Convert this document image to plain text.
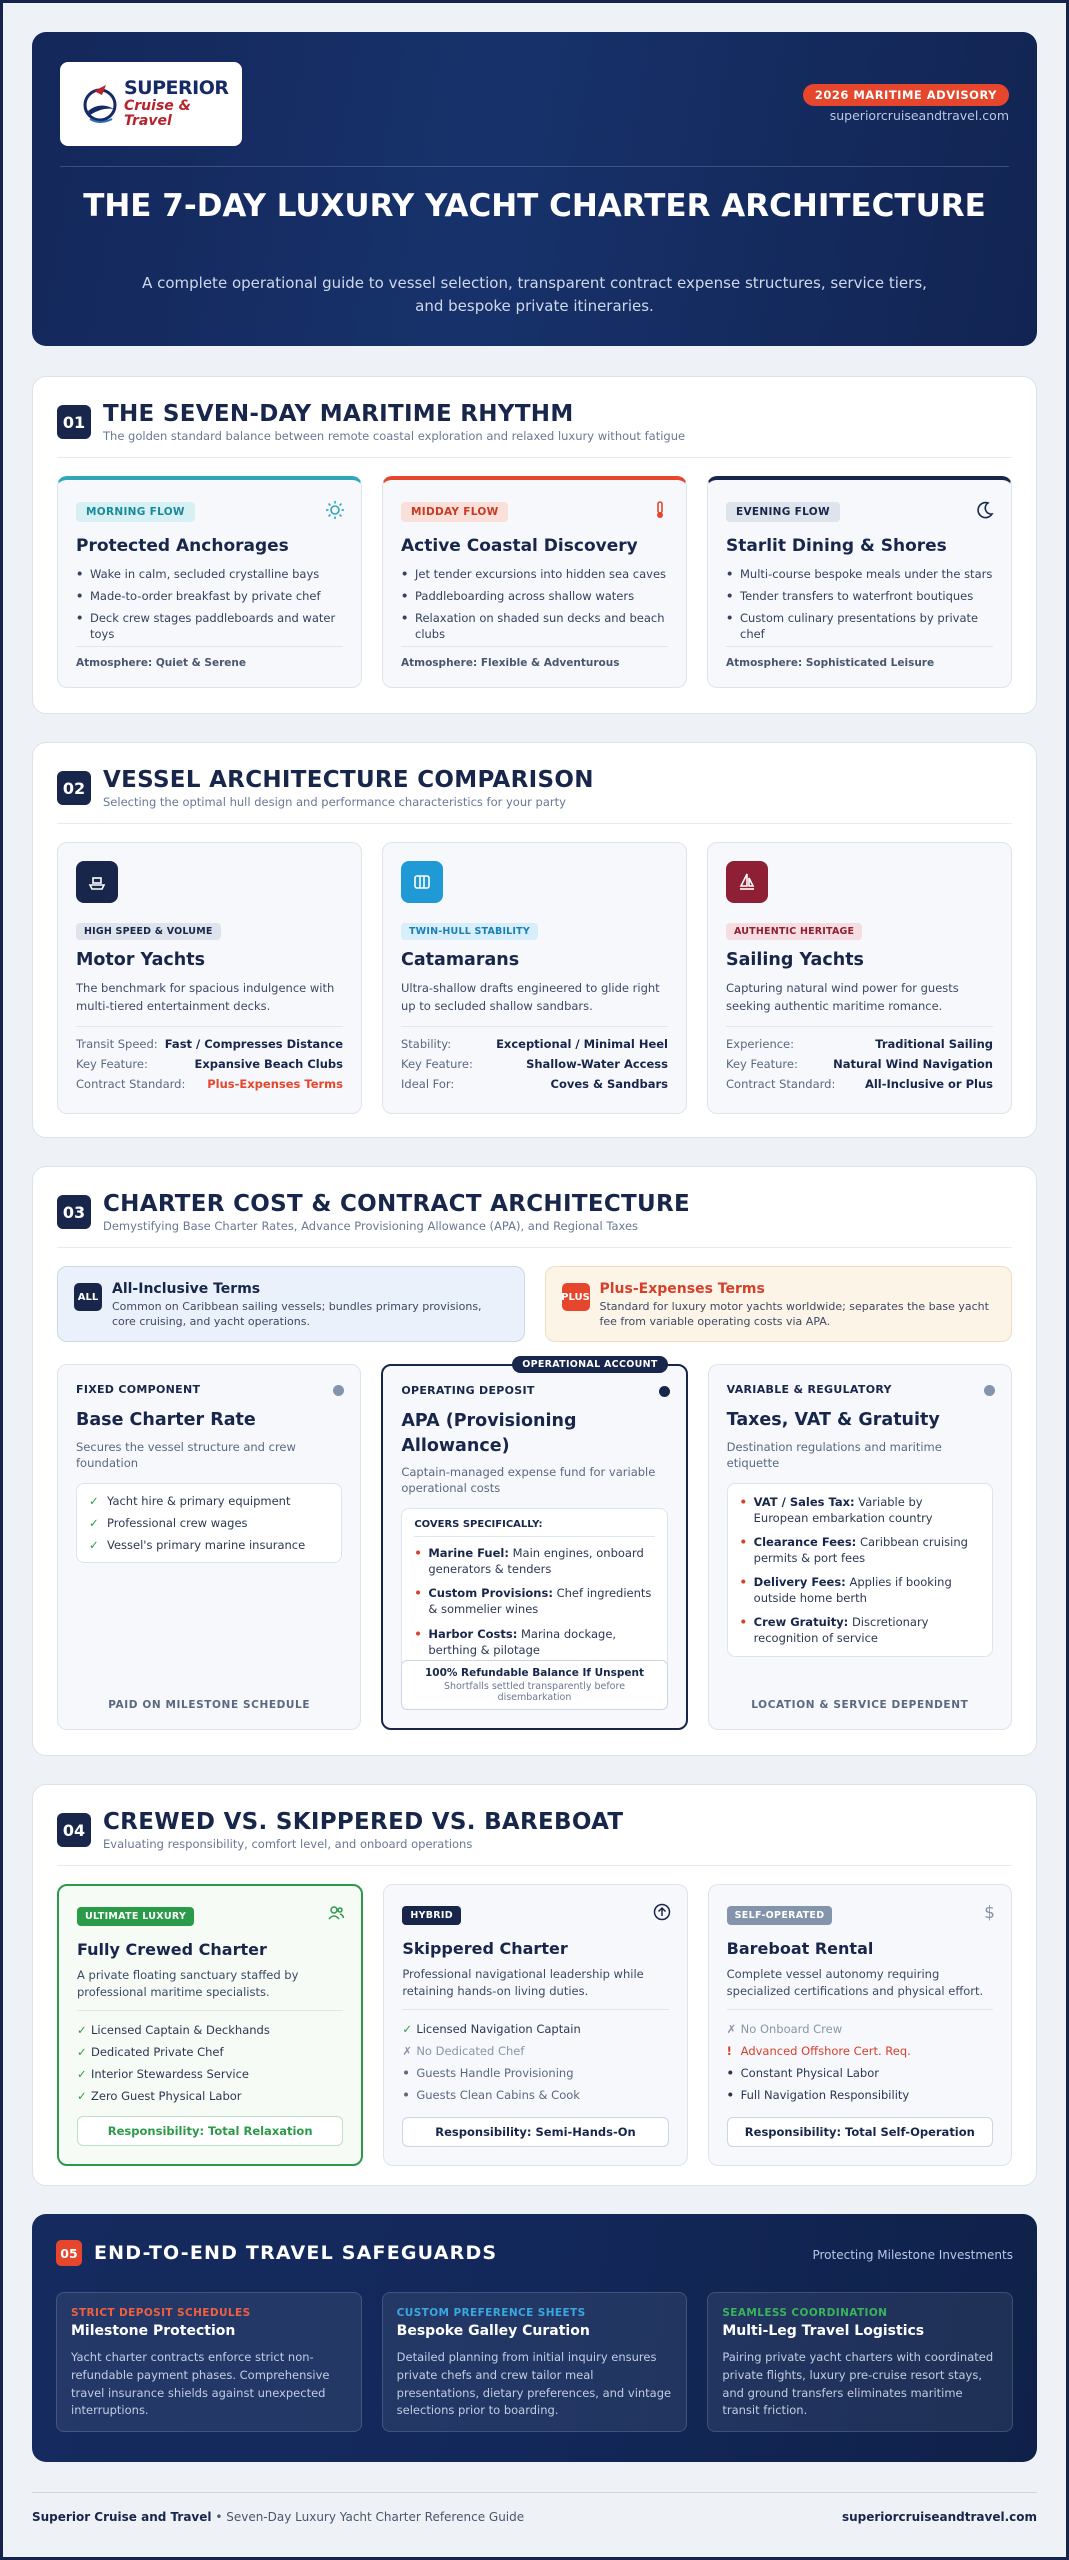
SUPERIOR
Cruise & Travel
2026 MARITIME ADVISORY
superiorcruiseandtravel.com
THE 7-DAY LUXURY YACHT CHARTER ARCHITECTURE
A complete operational guide to vessel selection, transparent contract expense structures, service tiers, and bespoke private itineraries.
01 THE SEVEN-DAY MARITIME RHYTHM
The golden standard balance between remote coastal exploration and relaxed luxury without fatigue
MORNING FLOW
Protected Anchorages
• Wake in calm, secluded crystalline bays
• Made-to-order breakfast by private chef
• Deck crew stages paddleboards and water toys
Atmosphere: Quiet & Serene
MIDDAY FLOW
Active Coastal Discovery
• Jet tender excursions into hidden sea caves
• Paddleboarding across shallow waters
• Relaxation on shaded sun decks and beach clubs
Atmosphere: Flexible & Adventurous
EVENING FLOW
Starlit Dining & Shores
• Multi-course bespoke meals under the stars
• Tender transfers to waterfront boutiques
• Custom culinary presentations by private chef
Atmosphere: Sophisticated Leisure
02 VESSEL ARCHITECTURE COMPARISON
Selecting the optimal hull design and performance characteristics for your party
HIGH SPEED & VOLUME
Motor Yachts
The benchmark for spacious indulgence with multi-tiered entertainment decks.
Transit Speed: Fast / Compresses Distance
Key Feature:	Expansive Beach Clubs
Contract Standard: Plus-Expenses Terms
TWIN-HULL STABILITY
Catamarans
Ultra-shallow drafts engineered to glide right up to secluded shallow sandbars.
Stability:	Exceptional / Minimal Heel
Key Feature:	Shallow-Water Access
Ideal For:	Coves & Sandbars
AUTHENTIC HERITAGE
Sailing Yachts
Capturing natural wind power for guests seeking authentic maritime romance.
Experience:	Traditional Sailing
Key Feature:	Natural Wind Navigation
Contract Standard:	All-Inclusive or Plus
03 CHARTER COST & CONTRACT ARCHITECTURE
Demystifying Base Charter Rates, Advance Provisioning Allowance (APA), and Regional Taxes
ALL All-Inclusive Terms
Common on Caribbean sailing vessels; bundles primary provisions, core cruising, and yacht operations.
PLUS Plus-Expenses Terms
Standard for luxury motor yachts worldwide; separates the base yacht fee from variable operating costs via APA.
FIXED COMPONENT
Base Charter Rate
Secures the vessel structure and crew foundation
✓ Yacht hire & primary equipment
✓ Professional crew wages
✓ Vessel's primary marine insurance
PAID ON MILESTONE SCHEDULE
OPERATIONAL ACCOUNT
OPERATING DEPOSIT
APA (Provisioning Allowance)
Captain-managed expense fund for variable operational costs
COVERS SPECIFICALLY:
• Marine Fuel: Main engines, onboard generators & tenders
• Custom Provisions: Chef ingredients & sommelier wines
• Harbor Costs: Marina dockage, berthing & pilotage
100% Refundable Balance If Unspent
Shortfalls settled transparently before disembarkation
VARIABLE & REGULATORY
Taxes, VAT & Gratuity
Destination regulations and maritime etiquette
• VAT / Sales Tax: Variable by European embarkation country
• Clearance Fees: Caribbean cruising permits & port fees
• Delivery Fees: Applies if booking outside home berth
• Crew Gratuity: Discretionary recognition of service
LOCATION & SERVICE DEPENDENT
04 CREWED VS. SKIPPERED VS. BAREBOAT
Evaluating responsibility, comfort level, and onboard operations
ULTIMATE LUXURY
Fully Crewed Charter
A private floating sanctuary staffed by professional maritime specialists.
✓ Licensed Captain & Deckhands
✓ Dedicated Private Chef
✓ Interior Stewardess Service
✓ Zero Guest Physical Labor
Responsibility: Total Relaxation
HYBRID
Skippered Charter
Professional navigational leadership while retaining hands-on living duties.
✓ Licensed Navigation Captain
✗ No Dedicated Chef
• Guests Handle Provisioning
• Guests Clean Cabins & Cook
Responsibility: Semi-Hands-On
SELF-OPERATED	$
Bareboat Rental
Complete vessel autonomy requiring specialized certifications and physical effort.
✗ No Onboard Crew
! Advanced Offshore Cert. Req.
• Constant Physical Labor
• Full Navigation Responsibility
Responsibility: Total Self-Operation
05 END-TO-END TRAVEL SAFEGUARDS	Protecting Milestone Investments
STRICT DEPOSIT SCHEDULES
Milestone Protection
Yacht charter contracts enforce strict non-refundable payment phases. Comprehensive travel insurance shields against unexpected interruptions.
CUSTOM PREFERENCE SHEETS
Bespoke Galley Curation
Detailed planning from initial inquiry ensures private chefs and crew tailor meal presentations, dietary preferences, and vintage selections prior to boarding.
SEAMLESS COORDINATION
Multi-Leg Travel Logistics
Pairing private yacht charters with coordinated private flights, luxury pre-cruise resort stays, and ground transfers eliminates maritime transit friction.
Superior Cruise and Travel • Seven-Day Luxury Yacht Charter Reference Guide	superiorcruiseandtravel.com
